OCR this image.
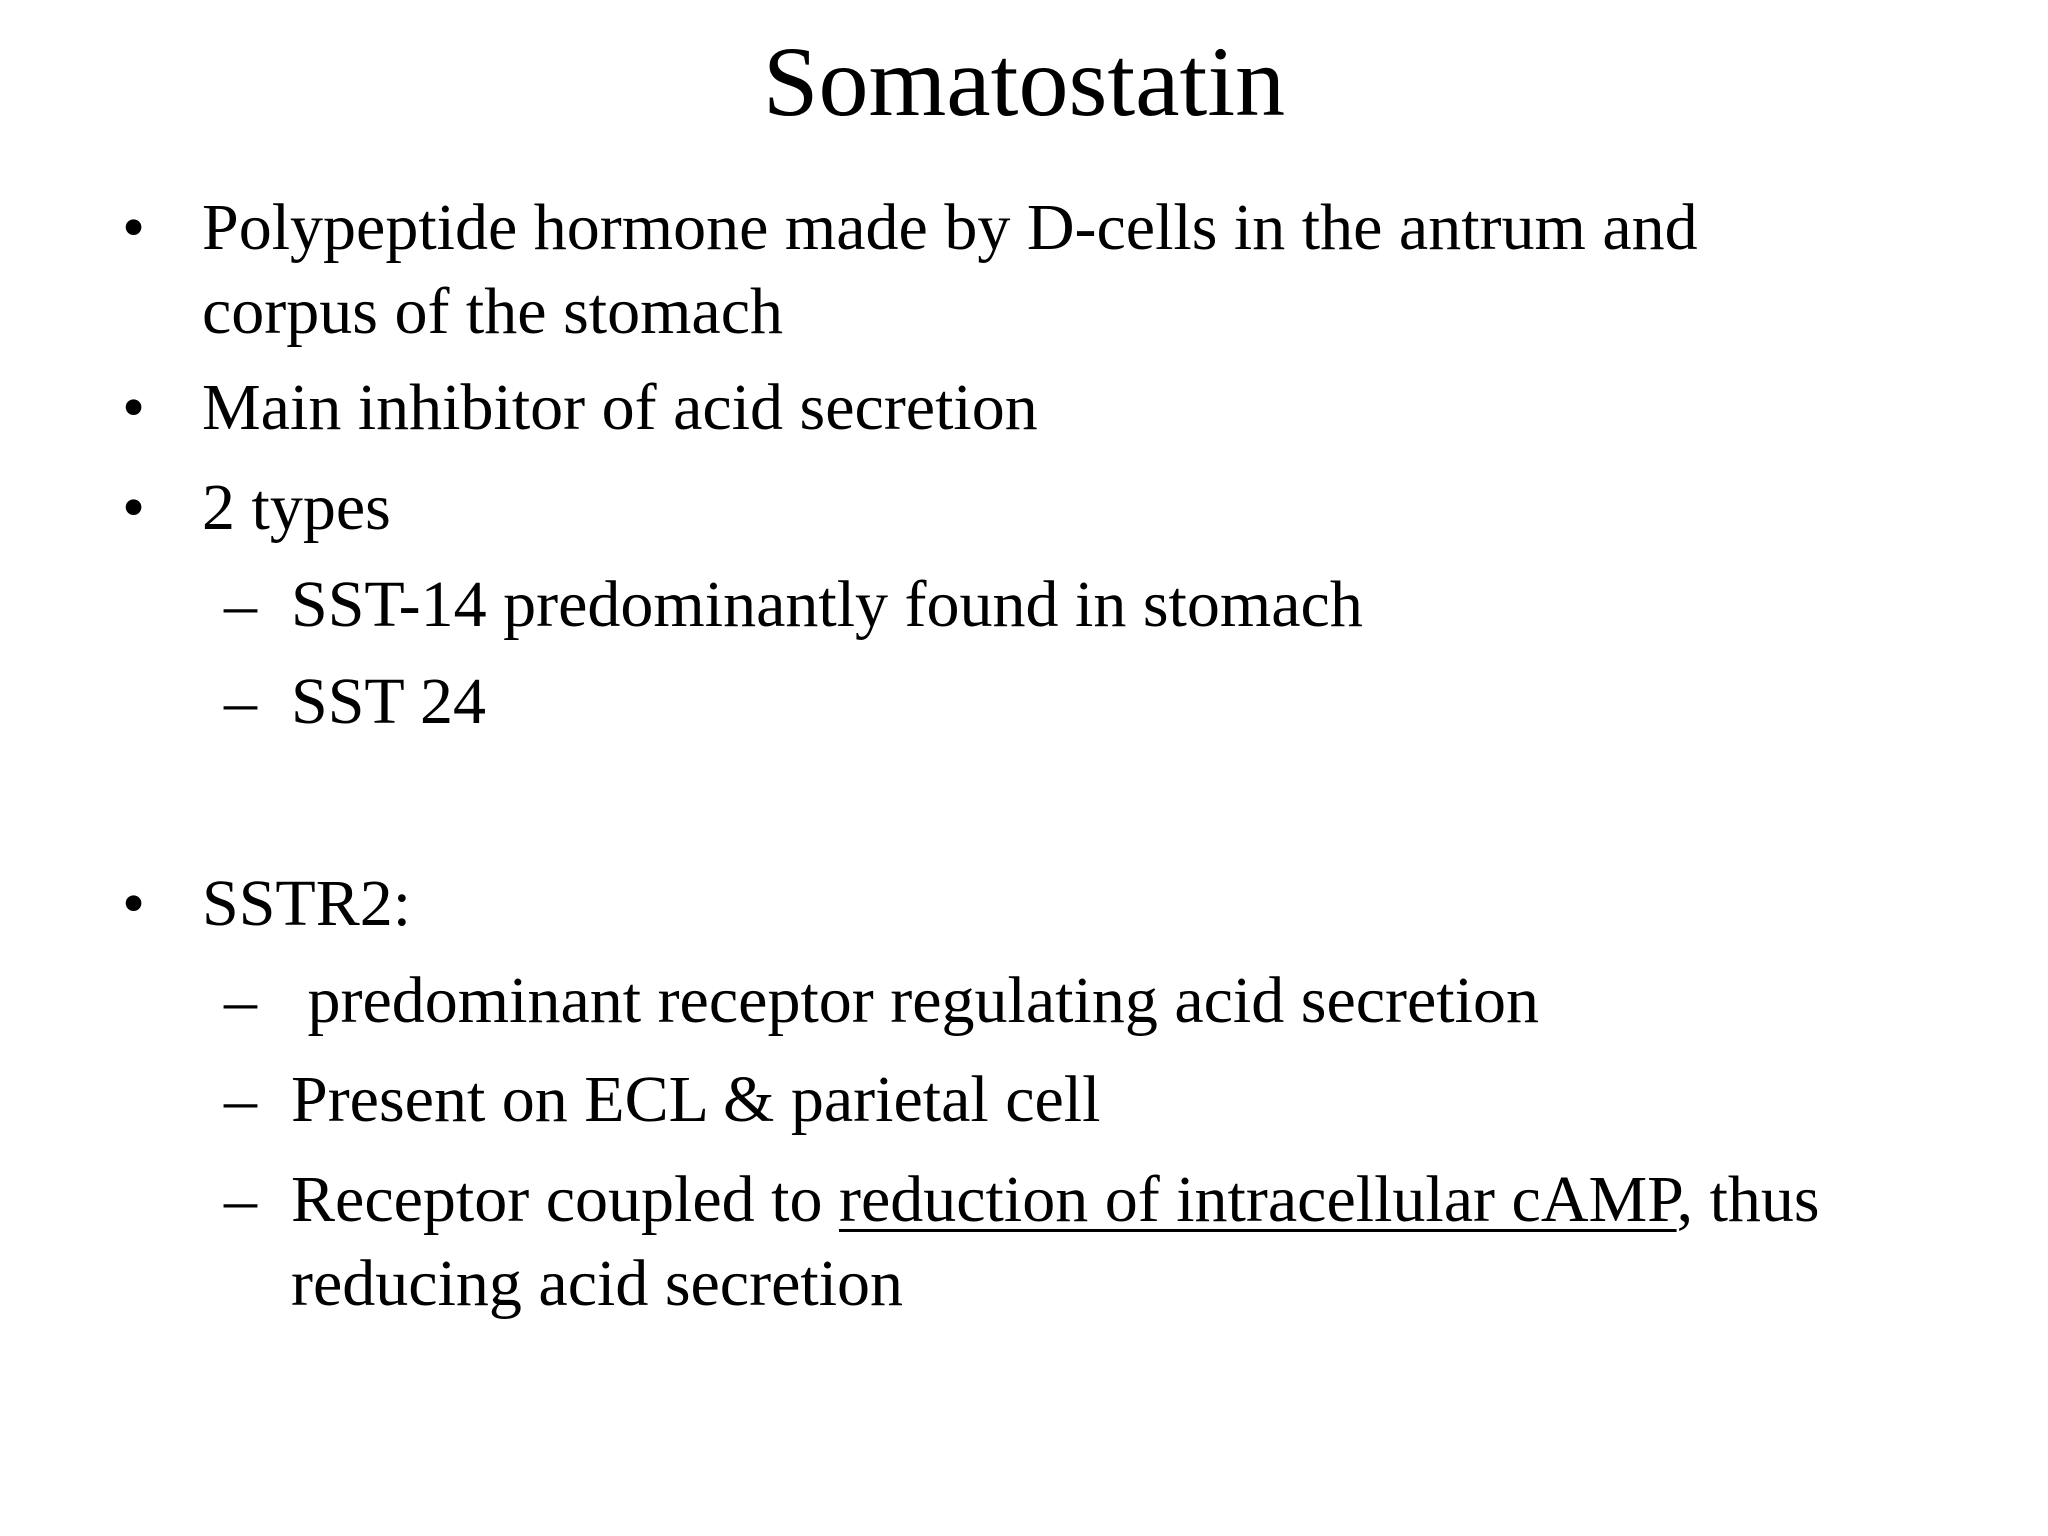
Somatostatin
• Polypeptide hormone made by D-cells in the antrum and
corpus of the stomach
• Main inhibitor of acid secretion
• 2 types
– SST-14 predominantly found in stomach
– SST 24
• SSTR2:
– predominant receptor regulating acid secretion
– Present on ECL & parietal cell
– Receptor coupled to reduction of intracellular cAMP, thus
reducing acid secretion
